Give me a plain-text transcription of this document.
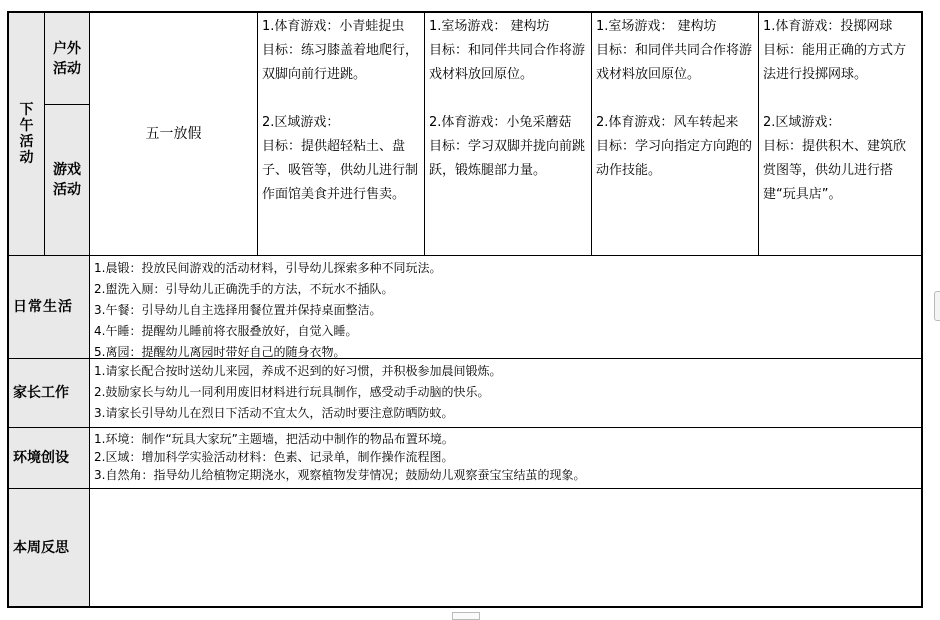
下午活动
户外活动
游戏活动
五一放假
1.体育游戏：小青蛙捉虫
目标：练习膝盖着地爬行，双脚向前行进跳。
2.区域游戏：
目标：提供超轻粘土、盘子、吸管等，供幼儿进行制作面馆美食并进行售卖。
1.室场游戏： 建构坊
目标：和同伴共同合作将游戏材料放回原位。
2.体育游戏：小兔采蘑菇
目标：学习双脚并拢向前跳跃，锻炼腿部力量。
1.室场游戏： 建构坊
目标：和同伴共同合作将游戏材料放回原位。
2.体育游戏：风车转起来
目标：学习向指定方向跑的动作技能。
1.体育游戏：投掷网球
目标：能用正确的方式方法进行投掷网球。
2.区域游戏：
目标：提供积木、建筑欣赏图等，供幼儿进行搭建“玩具店”。
日常生活
1.晨锻：投放民间游戏的活动材料，引导幼儿探索多种不同玩法。
2.盥洗入厕：引导幼儿正确洗手的方法，不玩水不插队。
3.午餐：引导幼儿自主选择用餐位置并保持桌面整洁。
4.午睡：提醒幼儿睡前将衣服叠放好，自觉入睡。
5.离园：提醒幼儿离园时带好自己的随身衣物。
家长工作
1.请家长配合按时送幼儿来园，养成不迟到的好习惯，并积极参加晨间锻炼。
2.鼓励家长与幼儿一同利用废旧材料进行玩具制作，感受动手动脑的快乐。
3.请家长引导幼儿在烈日下活动不宜太久，活动时要注意防晒防蚊。
环境创设
1.环境：制作“玩具大家玩”主题墙，把活动中制作的物品布置环境。
2.区域：增加科学实验活动材料：色素、记录单，制作操作流程图。
3.自然角：指导幼儿给植物定期浇水，观察植物发芽情况；鼓励幼儿观察蚕宝宝结茧的现象。
本周反思
